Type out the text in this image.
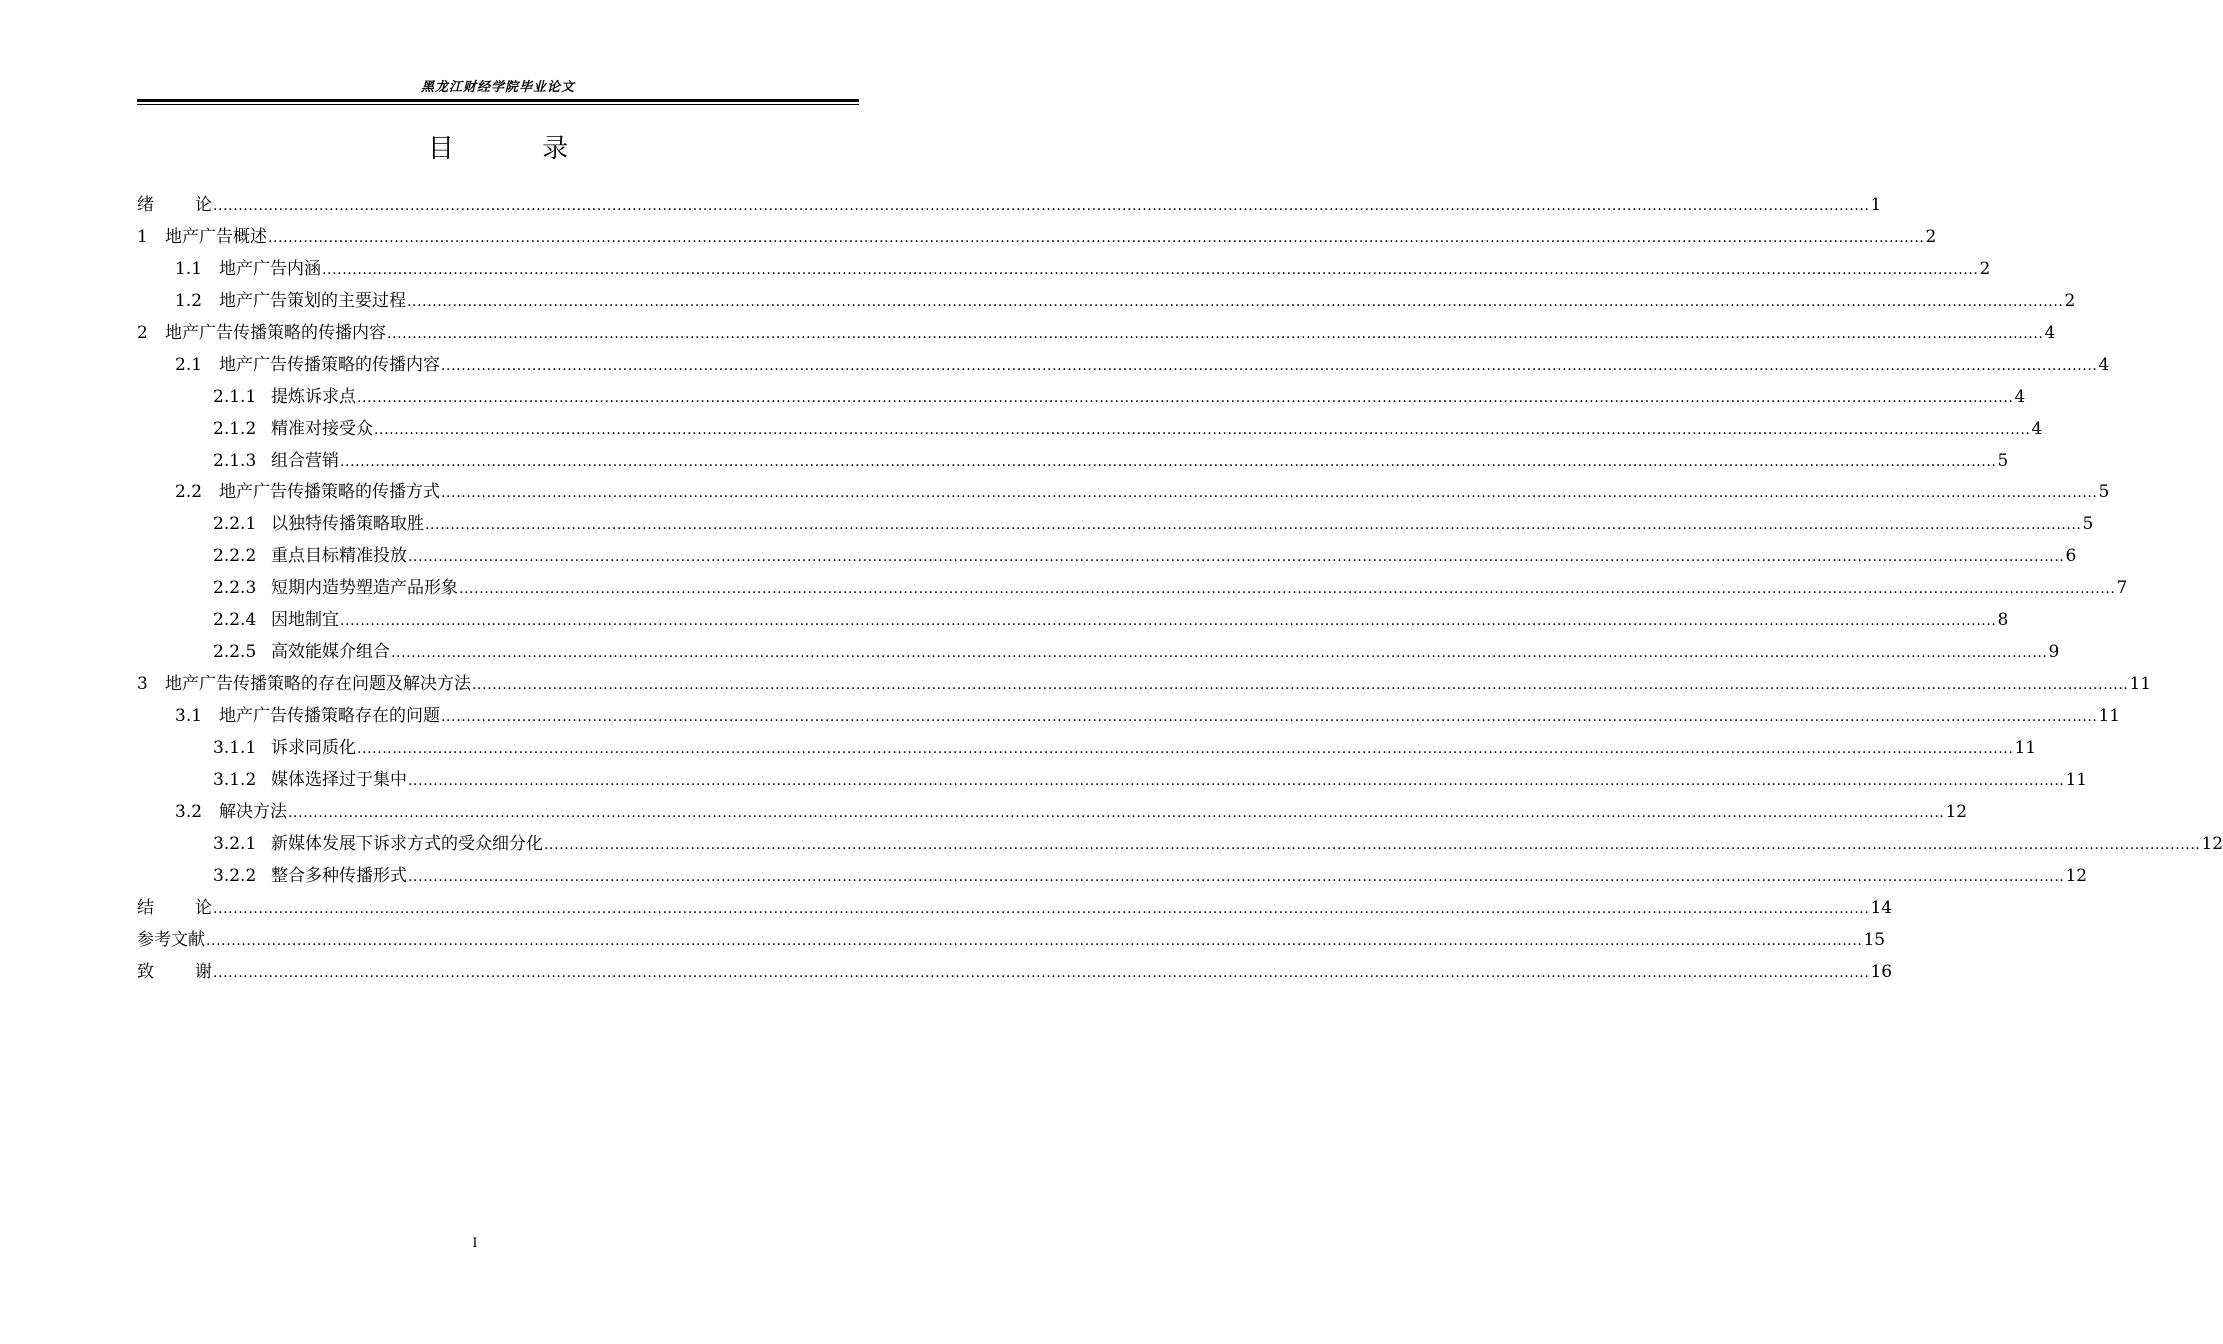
黑龙江财经学院毕业论文
目 录
绪 论 ........................................................................................................................................................................................................................................................................................................................................ 1
1	地产广告概述 ........................................................................................................................................................................................................................................................................................................................................ 2
1.1 地产广告内涵 ........................................................................................................................................................................................................................................................................................................................................ 2
1.2 地产广告策划的主要过程 ........................................................................................................................................................................................................................................................................................................................................ 2
2	地产广告传播策略的传播内容 ........................................................................................................................................................................................................................................................................................................................................ 4
2.1 地产广告传播策略的传播内容 ........................................................................................................................................................................................................................................................................................................................................ 4
2.1.1 提炼诉求点 ........................................................................................................................................................................................................................................................................................................................................ 4
2.1.2 精准对接受众 ........................................................................................................................................................................................................................................................................................................................................ 4
2.1.3 组合营销 ........................................................................................................................................................................................................................................................................................................................................ 5
2.2 地产广告传播策略的传播方式 ........................................................................................................................................................................................................................................................................................................................................ 5
2.2.1 以独特传播策略取胜 ........................................................................................................................................................................................................................................................................................................................................ 5
2.2.2 重点目标精准投放 ........................................................................................................................................................................................................................................................................................................................................ 6
2.2.3 短期内造势塑造产品形象 ........................................................................................................................................................................................................................................................................................................................................ 7
2.2.4 因地制宜 ........................................................................................................................................................................................................................................................................................................................................ 8
2.2.5 高效能媒介组合 ........................................................................................................................................................................................................................................................................................................................................ 9
3	地产广告传播策略的存在问题及解决方法 ........................................................................................................................................................................................................................................................................................................................................ 11
3.1 地产广告传播策略存在的问题 ........................................................................................................................................................................................................................................................................................................................................ 11
3.1.1 诉求同质化 ........................................................................................................................................................................................................................................................................................................................................ 11
3.1.2 媒体选择过于集中 ........................................................................................................................................................................................................................................................................................................................................ 11
3.2 解决方法 ........................................................................................................................................................................................................................................................................................................................................ 12
3.2.1 新媒体发展下诉求方式的受众细分化 ........................................................................................................................................................................................................................................................................................................................................ 12
3.2.2 整合多种传播形式 ........................................................................................................................................................................................................................................................................................................................................ 12
结 论 ........................................................................................................................................................................................................................................................................................................................................ 14
参考文献 ........................................................................................................................................................................................................................................................................................................................................ 15
致 谢 ........................................................................................................................................................................................................................................................................................................................................ 16
I
